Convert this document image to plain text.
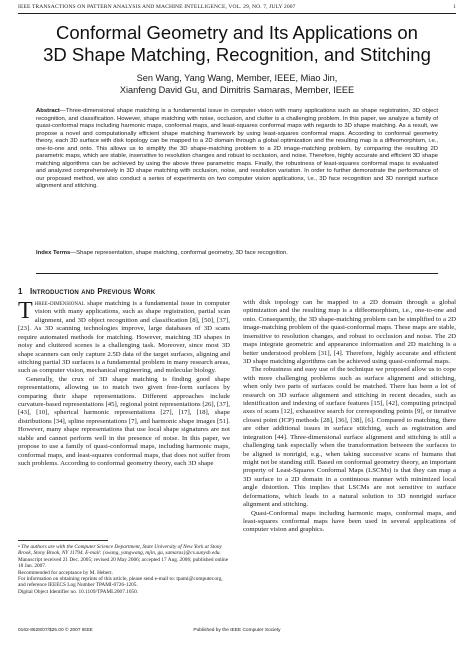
IEEE TRANSACTIONS ON PATTERN ANALYSIS AND MACHINE INTELLIGENCE, VOL. 29, NO. 7, JULY 2007	1
Conformal Geometry and Its Applications on
3D Shape Matching, Recognition, and Stitching
Sen Wang, Yang Wang, Member, IEEE, Miao Jin,
Xianfeng David Gu, and Dimitris Samaras, Member, IEEE
Abstract—Three-dimensional shape matching is a fundamental issue in computer vision with many applications such as shape registration, 3D object recognition, and classification. However, shape matching with noise, occlusion, and clutter is a challenging problem. In this paper, we analyze a family of quasi-conformal maps including harmonic maps, conformal maps, and least-squares conformal maps with regards to 3D shape matching. As a result, we propose a novel and computationally efficient shape matching framework by using least-squares conformal maps. According to conformal geometry theory, each 3D surface with disk topology can be mapped to a 2D domain through a global optimization and the resulting map is a diffeomorphism, i.e., one-to-one and onto. This allows us to simplify the 3D shape-matching problem to a 2D image-matching problem, by comparing the resulting 2D parametric maps, which are stable, insensitive to resolution changes and robust to occlusion, and noise. Therefore, highly accurate and efficient 3D shape matching algorithms can be achieved by using the above three parametric maps. Finally, the robustness of least-squares conformal maps is evaluated and analyzed comprehensively in 3D shape matching with occlusion, noise, and resolution variation. In order to further demonstrate the performance of our proposed method, we also conduct a series of experiments on two computer vision applications, i.e., 3D face recognition and 3D nonrigid surface alignment and stitching.
Index Terms—Shape representation, shape matching, conformal geometry, 3D face recognition.
1 Introduction and Previous Work

Three-dimensional shape matching is a fundamental issue in computer vision with many applications, such as shape registration, partial scan alignment, and 3D object recognition and classification [8], [50], [37], [23]. As 3D scanning technologies improve, large databases of 3D scans require automated methods for matching. However, matching 3D shapes in noisy and cluttered scenes is a challenging task. Moreover, since most 3D shape scanners can only capture 2.5D data of the target surfaces, aligning and stitching partial 3D surfaces is a fundamental problem in many research areas, such as computer vision, mechanical engineering, and molecular biology.

Generally, the crux of 3D shape matching is finding good shape representations, allowing us to match two given free-form surfaces by comparing their shape representations. Different approaches include curvature-based representations [45], regional point representations [26], [37], [43], [10], spherical harmonic representations [27], [17], [18], shape distributions [34], spline representations [7], and harmonic shape images [51]. However, many shape representations that use local shape signatures are not stable and cannot perform well in the presence of noise. In this paper, we propose to use a family of quasi-conformal maps, including harmonic maps, conformal maps, and least-squares conformal maps, that does not suffer from such problems. According to conformal geometry theory, each 3D shape

with disk topology can be mapped to a 2D domain through a global optimization and the resulting map is a diffeomorphism, i.e., one-to-one and onto. Consequently, the 3D shape-matching problem can be simplified to a 2D image-matching problem of the quasi-conformal maps. These maps are stable, insensitive to resolution changes, and robust to occlusion and noise. The 2D maps integrate geometric and appearance information and 2D matching is a better understood problem [31], [4]. Therefore, highly accurate and efficient 3D shape matching algorithms can be achieved using quasi-conformal maps.

The robustness and easy use of the technique we proposed allow us to cope with more challenging problems such as surface alignment and stitching, when only two parts of surfaces could be matched. There has been a lot of research on 3D surface alignment and stitching in recent decades, such as identification and indexing of surface features [15], [42], computing principal axes of scans [12], exhaustive search for corresponding points [9], or iterative closest point (ICP) methods [28], [36], [38], [6]. Compared to matching, there are other additional issues in surface stitching, such as registration and integration [44]. Three-dimensional surface alignment and stitching is still a challenging task especially when the transformation between the surfaces to be aligned is nonrigid, e.g., when taking successive scans of humans that might not be standing still. Based on conformal geometry theory, an important property of Least-Squares Conformal Maps (LSCMs) is that they can map a 3D surface to a 2D domain in a continuous manner with minimized local angle distortion. This implies that LSCMs are not sensitive to surface deformations, which leads to a natural solution to 3D nonrigid surface alignment and stitching.

Quasi-Conformal maps including harmonic maps, conformal maps, and least-squares conformal maps have been used in several applications of computer vision and graphics.

• The authors are with the Computer Science Department, State University of New York at Stony Brook, Stony Brook, NY 11794. E-mail: {swang, yangwang, mjin, gu, samaras}@cs.sunysb.edu.
Manuscript received 21 Dec. 2005; revised 20 May 2006; accepted 17 Aug. 2006; published online 18 Jan. 2007.
Recommended for acceptance by M. Hebert.
For information on obtaining reprints of this article, please send e-mail to: tpami@computer.org, and reference IEEECS Log Number TPAMI-0726-1205.
Digital Object Identifier no. 10.1109/TPAMI.2007.1050.
0162-8828/07/$25.00 © 2007 IEEE	Published by the IEEE Computer Society
